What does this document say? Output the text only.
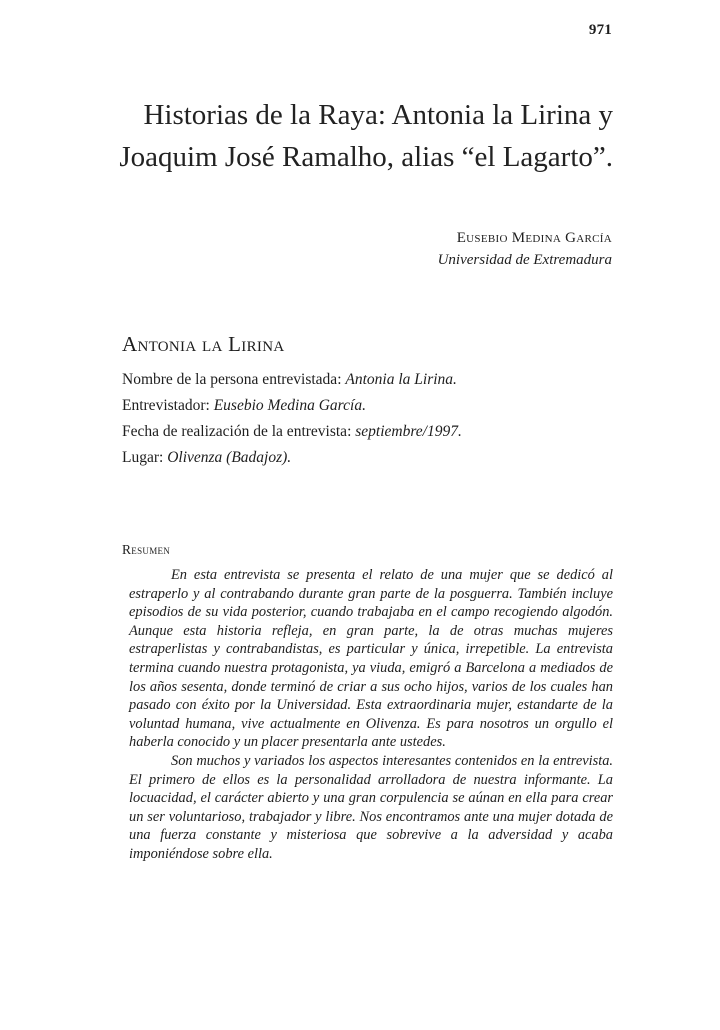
971
Historias de la Raya: Antonia la Lirina y Joaquim José Ramalho, alias “el Lagarto”.
Eusebio Medina García
Universidad de Extremadura
Antonia la Lirina
Nombre de la persona entrevistada: Antonia la Lirina.
Entrevistador: Eusebio Medina García.
Fecha de realización de la entrevista: septiembre/1997.
Lugar: Olivenza (Badajoz).
Resumen

En esta entrevista se presenta el relato de una mujer que se dedicó al estraperlo y al contrabando durante gran parte de la posguerra. También incluye episodios de su vida posterior, cuando trabajaba en el campo recogiendo algodón. Aunque esta historia refleja, en gran parte, la de otras muchas mujeres estraperlistas y contrabandistas, es particular y única, irrepetible. La entrevista termina cuando nuestra protagonista, ya viuda, emigró a Barcelona a mediados de los años sesenta, donde terminó de criar a sus ocho hijos, varios de los cuales han pasado con éxito por la Universidad. Esta extraordinaria mujer, estandarte de la voluntad humana, vive actualmente en Olivenza. Es para nosotros un orgullo el haberla conocido y un placer presentarla ante ustedes.

Son muchos y variados los aspectos interesantes contenidos en la entrevista. El primero de ellos es la personalidad arrolladora de nuestra informante. La locuacidad, el carácter abierto y una gran corpulencia se aúnan en ella para crear un ser voluntarioso, trabajador y libre. Nos encontramos ante una mujer dotada de una fuerza constante y misteriosa que sobrevive a la adversidad y acaba imponiéndose sobre ella.
